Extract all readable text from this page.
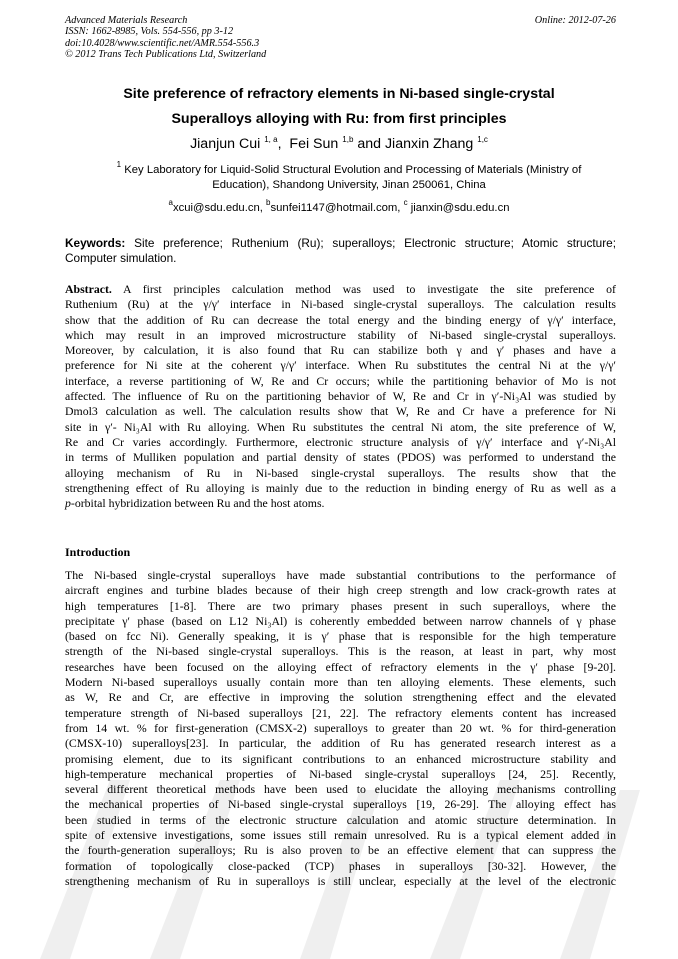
Advanced Materials Research
ISSN: 1662-8985, Vols. 554-556, pp 3-12
doi:10.4028/www.scientific.net/AMR.554-556.3
© 2012 Trans Tech Publications Ltd, Switzerland
Online: 2012-07-26
Site preference of refractory elements in Ni-based single-crystal
Superalloys alloying with Ru: from first principles
Jianjun Cui $^{1, a}$,  Fei Sun $^{1,b}$ and Jianxin Zhang $^{1,c}$
$^1$ Key Laboratory for Liquid-Solid Structural Evolution and Processing of Materials (Ministry of
Education), Shandong University, Jinan 250061, China
$^a$xcui@sdu.edu.cn, $^b$sunfei1147@hotmail.com, $^c$ jianxin@sdu.edu.cn
Keywords: Site preference; Ruthenium (Ru); superalloys; Electronic structure; Atomic structure;
Computer simulation.
Abstract. A first principles calculation method was used to investigate the site preference of
Ruthenium (Ru) at the γ/γ′ interface in Ni-based single-crystal superalloys. The calculation results
show that the addition of Ru can decrease the total energy and the binding energy of γ/γ′ interface,
which may result in an improved microstructure stability of Ni-based single-crystal superalloys.
Moreover, by calculation, it is also found that Ru can stabilize both γ and γ′ phases and have a
preference for Ni site at the coherent γ/γ′ interface. When Ru substitutes the central Ni at the γ/γ′
interface, a reverse partitioning of W, Re and Cr occurs; while the partitioning behavior of Mo is not
affected. The influence of Ru on the partitioning behavior of W, Re and Cr in γ′-Ni₃Al was studied by
Dmol3 calculation as well. The calculation results show that W, Re and Cr have a preference for Ni
site in γ′- Ni₃Al with Ru alloying. When Ru substitutes the central Ni atom, the site preference of W,
Re and Cr varies accordingly. Furthermore, electronic structure analysis of γ/γ′ interface and γ′-Ni₃Al
in terms of Mulliken population and partial density of states (PDOS) was performed to understand the
alloying mechanism of Ru in Ni-based single-crystal superalloys. The results show that the
strengthening effect of Ru alloying is mainly due to the reduction in binding energy of Ru as well as a
p-orbital hybridization between Ru and the host atoms.
Introduction
The Ni-based single-crystal superalloys have made substantial contributions to the performance of
aircraft engines and turbine blades because of their high creep strength and low crack-growth rates at
high temperatures [1-8]. There are two primary phases present in such superalloys, where the
precipitate γ′ phase (based on L12 Ni₃Al) is coherently embedded between narrow channels of γ phase
(based on fcc Ni). Generally speaking, it is γ′ phase that is responsible for the high temperature
strength of the Ni-based single-crystal superalloys. This is the reason, at least in part, why most
researches have been focused on the alloying effect of refractory elements in the γ′ phase [9-20].
Modern Ni-based superalloys usually contain more than ten alloying elements. These elements, such
as W, Re and Cr, are effective in improving the solution strengthening effect and the elevated
temperature strength of Ni-based superalloys [21, 22]. The refractory elements content has increased
from 14 wt. % for first-generation (CMSX-2) superalloys to greater than 20 wt. % for third-generation
(CMSX-10) superalloys[23]. In particular, the addition of Ru has generated research interest as a
promising element, due to its significant contributions to an enhanced microstructure stability and
high-temperature mechanical properties of Ni-based single-crystal superalloys [24, 25]. Recently,
several different theoretical methods have been used to elucidate the alloying mechanisms controlling
the mechanical properties of Ni-based single-crystal superalloys [19, 26-29]. The alloying effect has
been studied in terms of the electronic structure calculation and atomic structure determination. In
spite of extensive investigations, some issues still remain unresolved. Ru is a typical element added in
the fourth-generation superalloys; Ru is also proven to be an effective element that can suppress the
formation of topologically close-packed (TCP) phases in superalloys [30-32]. However, the
strengthening mechanism of Ru in superalloys is still unclear, especially at the level of the electronic
